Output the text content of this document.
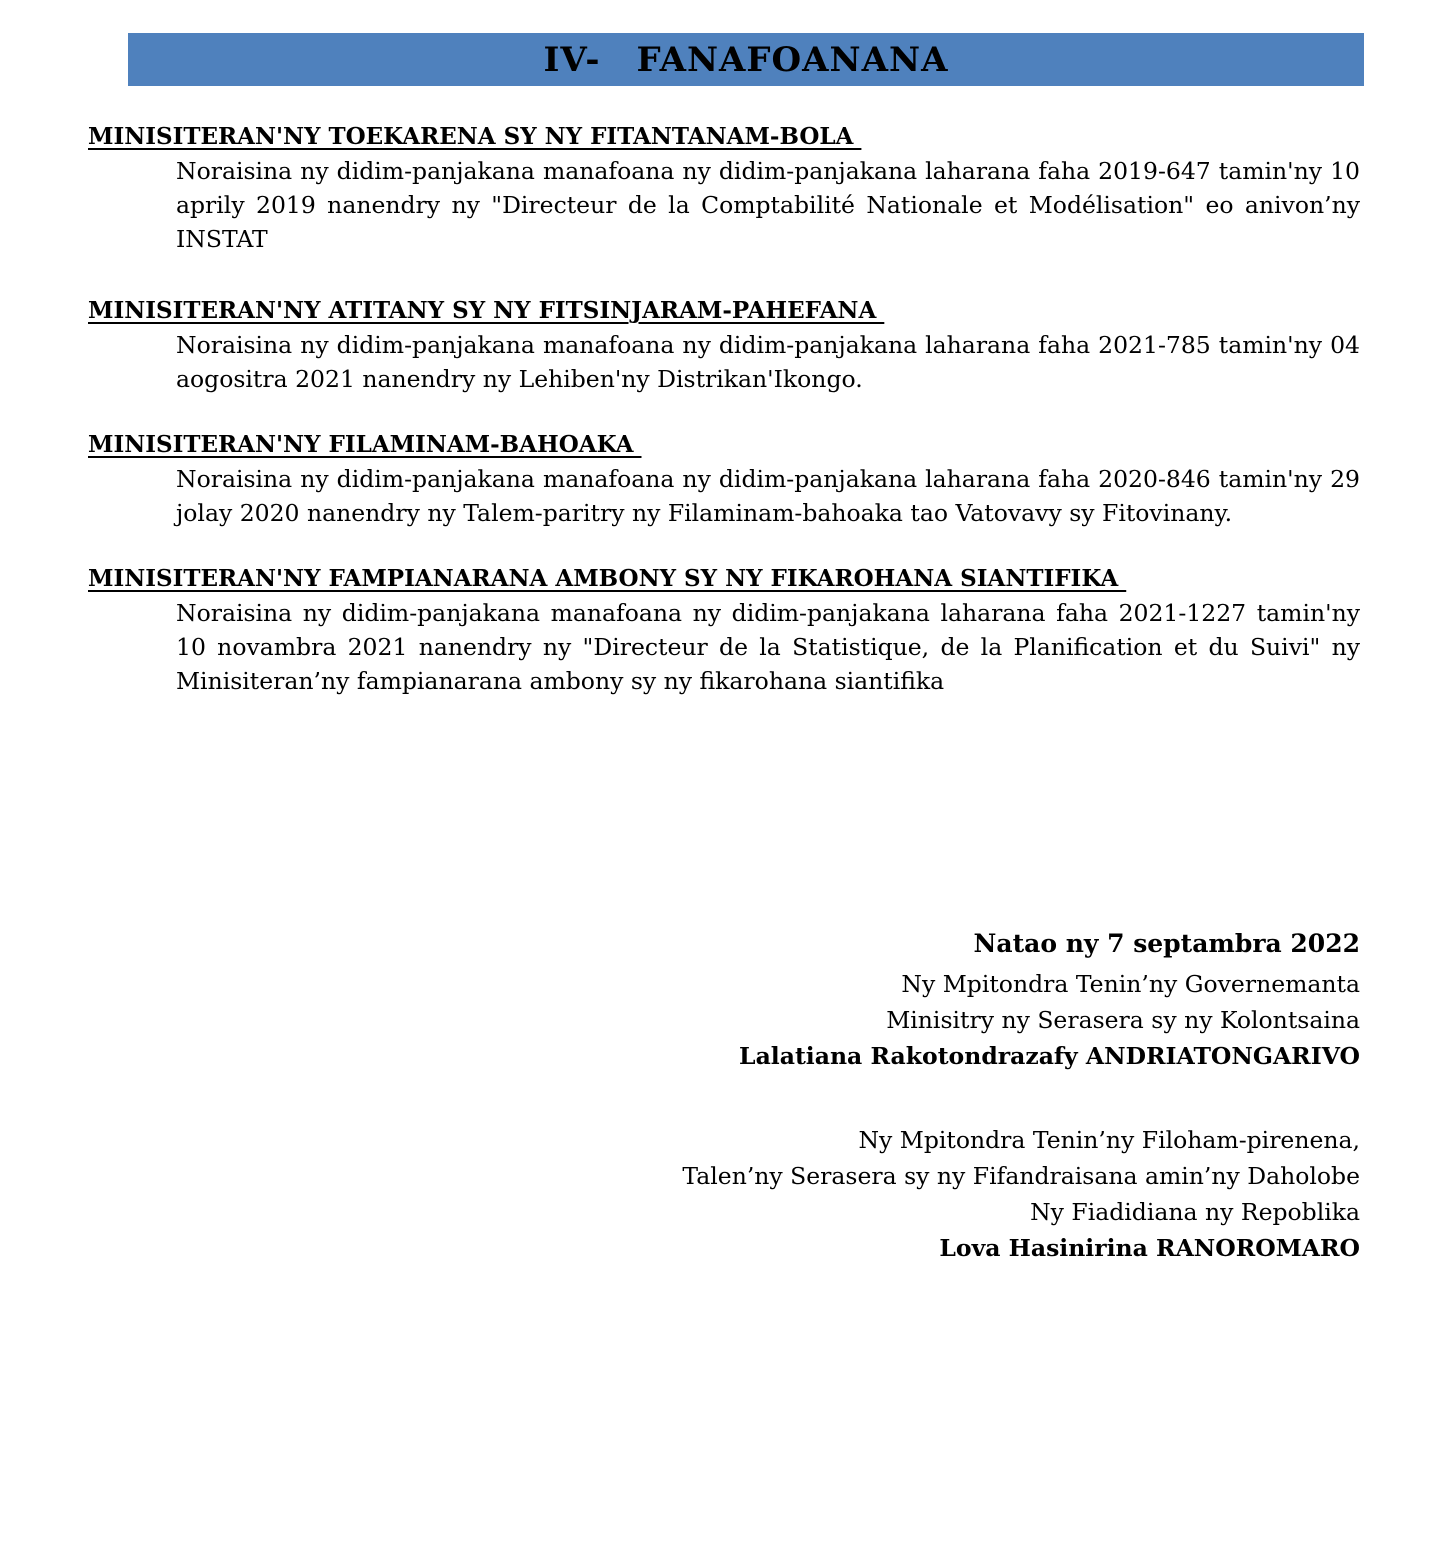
IV- FANAFOANANA
MINISITERAN'NY TOEKARENA SY NY FITANTANAM-BOLA
Noraisina ny didim-panjakana manafoana ny didim-panjakana laharana faha 2019-647 tamin'ny 10 aprily 2019 nanendry ny "Directeur de la Comptabilité Nationale et Modélisation" eo anivon’ny INSTAT
MINISITERAN'NY ATITANY SY NY FITSINJARAM-PAHEFANA
Noraisina ny didim-panjakana manafoana ny didim-panjakana laharana faha 2021-785 tamin'ny 04 aogositra 2021 nanendry ny Lehiben'ny Distrikan'Ikongo.
MINISITERAN'NY FILAMINAM-BAHOAKA
Noraisina ny didim-panjakana manafoana ny didim-panjakana laharana faha 2020-846 tamin'ny 29 jolay 2020 nanendry ny Talem-paritry ny Filaminam-bahoaka tao Vatovavy sy Fitovinany.
MINISITERAN'NY FAMPIANARANA AMBONY SY NY FIKAROHANA SIANTIFIKA
Noraisina ny didim-panjakana manafoana ny didim-panjakana laharana faha 2021-1227 tamin'ny 10 novambra 2021 nanendry ny "Directeur de la Statistique, de la Planification et du Suivi" ny Minisiteran’ny fampianarana ambony sy ny fikarohana siantifika
Natao ny 7 septambra 2022
Ny Mpitondra Tenin’ny Governemanta
Minisitry ny Serasera sy ny Kolontsaina
Lalatiana Rakotondrazafy ANDRIATONGARIVO
Ny Mpitondra Tenin’ny Filoham-pirenena,
Talen’ny Serasera sy ny Fifandraisana amin’ny Daholobe
Ny Fiadidiana ny Repoblika
Lova Hasinirina RANOROMARO
